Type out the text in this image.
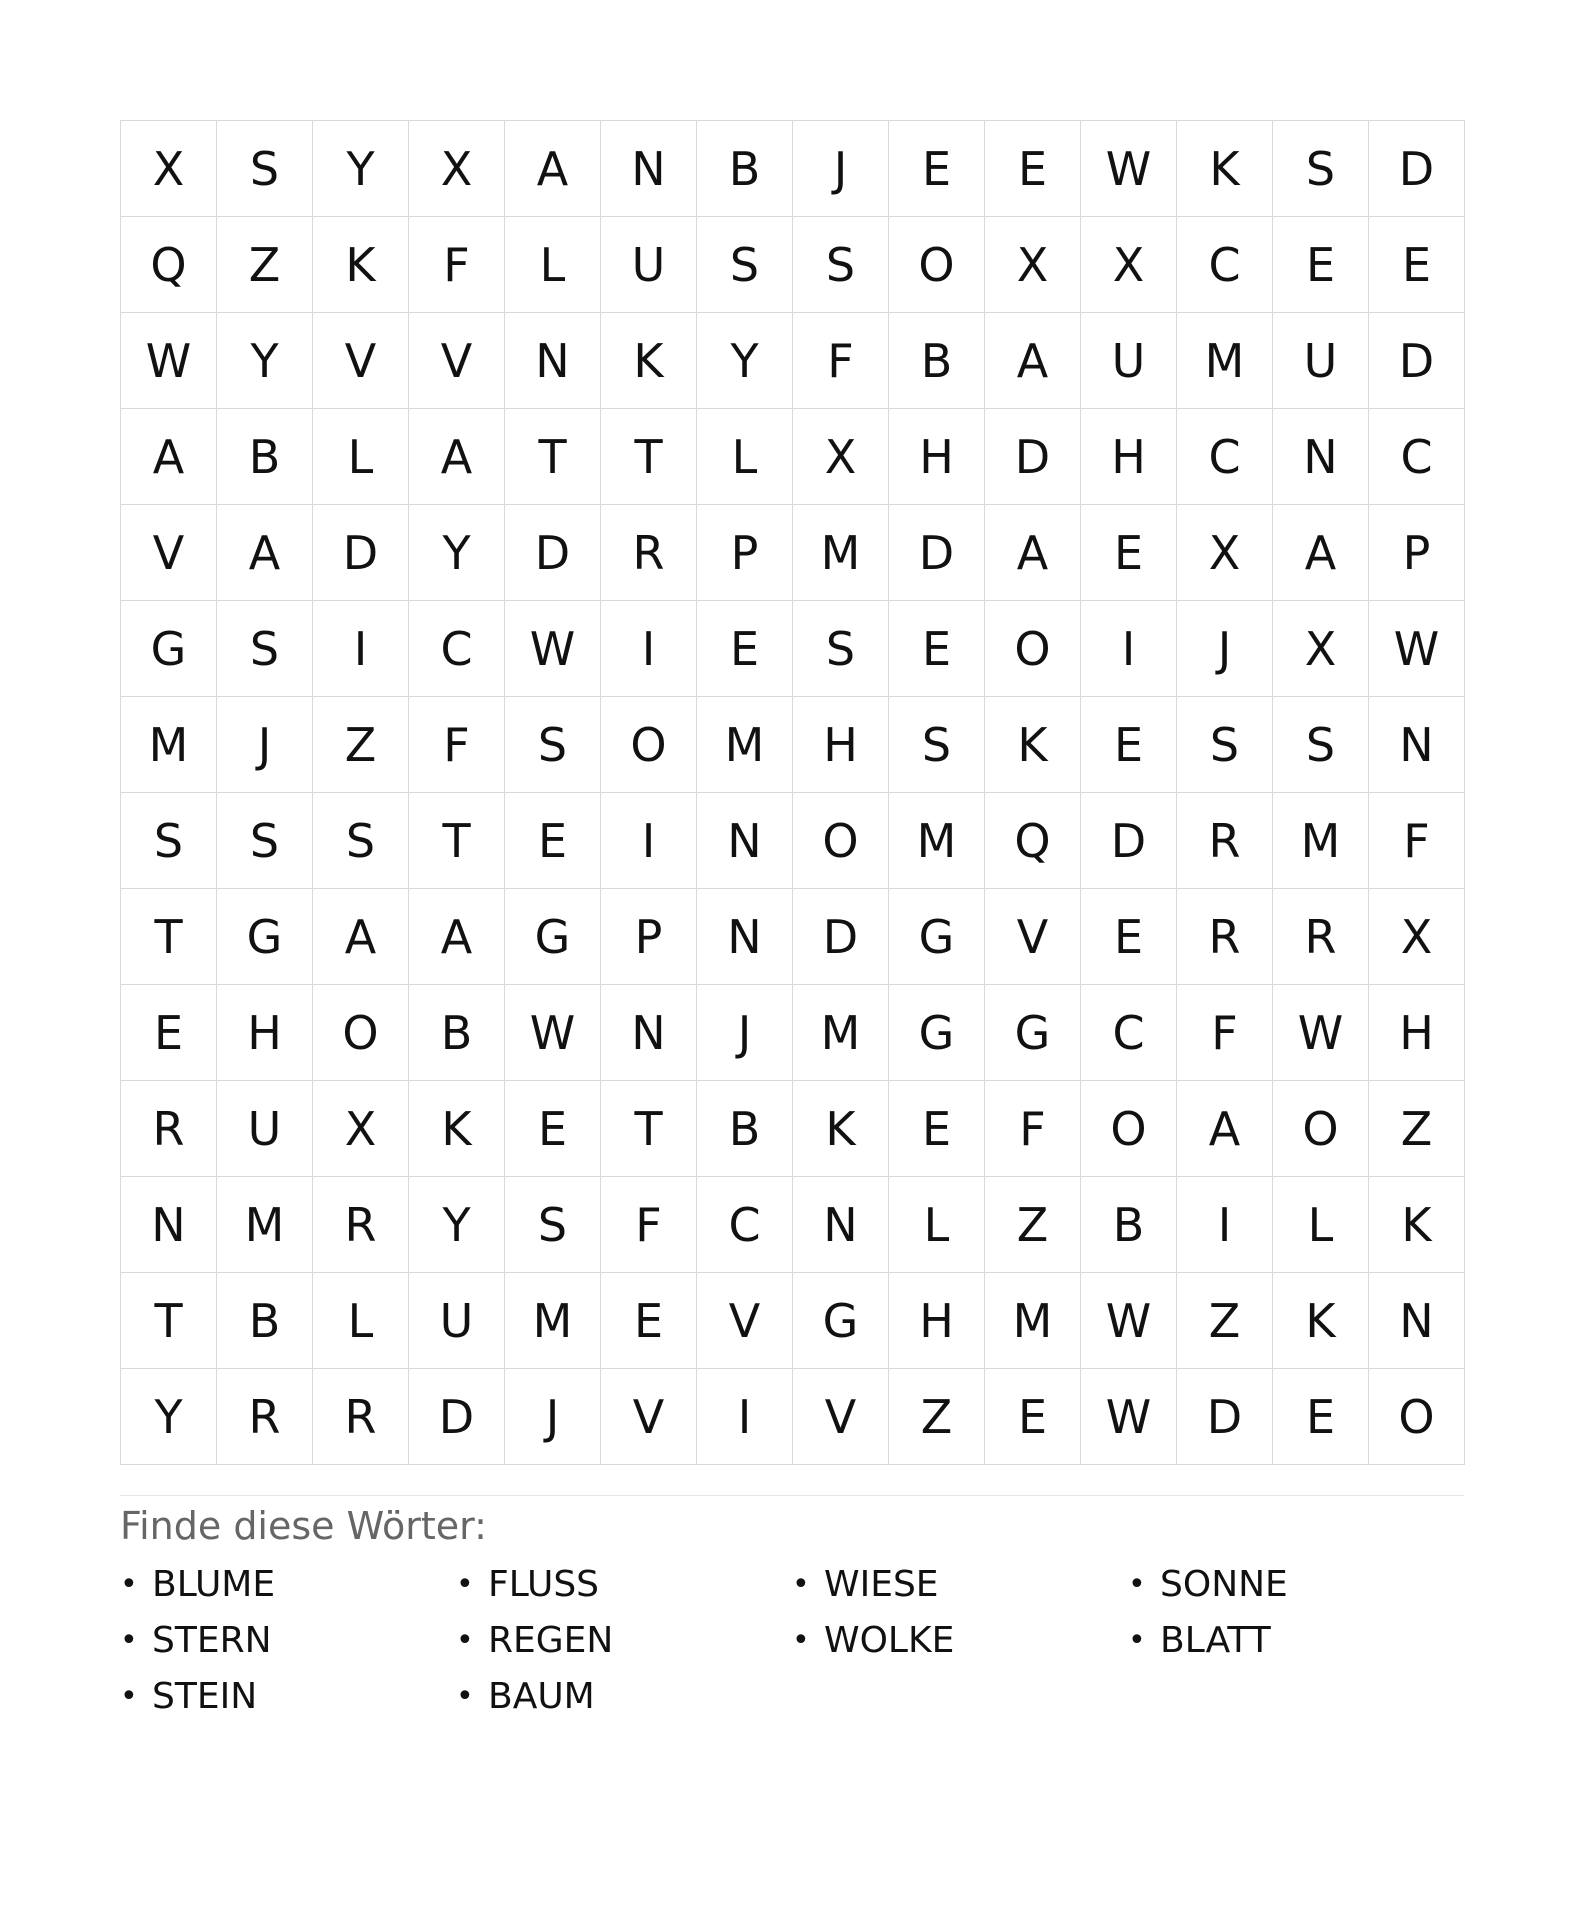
X	S	Y	X	A	N	B	J	E	E	W	K	S	D
Q	Z	K	F	L	U	S	S	O	X	X	C	E	E
W	Y	V	V	N	K	Y	F	B	A	U	M	U	D
A	B	L	A	T	T	L	X	H	D	H	C	N	C
V	A	D	Y	D	R	P	M	D	A	E	X	A	P
G	S	I	C	W	I	E	S	E	O	I	J	X	W
M	J	Z	F	S	O	M	H	S	K	E	S	S	N
S	S	S	T	E	I	N	O	M	Q	D	R	M	F
T	G	A	A	G	P	N	D	G	V	E	R	R	X
E	H	O	B	W	N	J	M	G	G	C	F	W	H
R	U	X	K	E	T	B	K	E	F	O	A	O	Z
N	M	R	Y	S	F	C	N	L	Z	B	I	L	K
T	B	L	U	M	E	V	G	H	M	W	Z	K	N
Y	R	R	D	J	V	I	V	Z	E	W	D	E	O
Finde diese Wörter:
• BLUME	• FLUSS	• WIESE	• SONNE
• STERN	• REGEN	• WOLKE	• BLATT
• STEIN	• BAUM
